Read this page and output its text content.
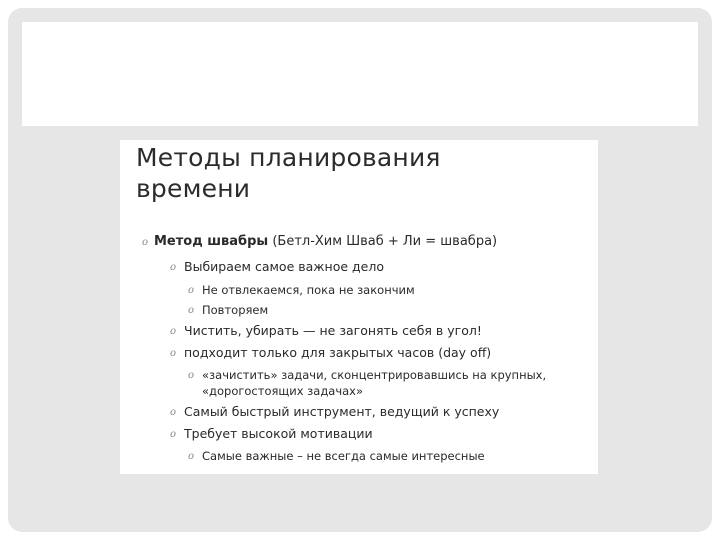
Методы планирования
времени
o Метод швабры (Бетл-Хим Шваб + Ли = швабра)
o Выбираем самое важное дело
o Не отвлекаемся, пока не закончим
o Повторяем
o Чистить, убирать — не загонять себя в угол!
o подходит только для закрытых часов (day off)
o «зачистить» задачи, сконцентрировавшись на крупных,
«дорогостоящих задачах»
o Самый быстрый инструмент, ведущий к успеху
o Требует высокой мотивации
o Самые важные – не всегда самые интересные
